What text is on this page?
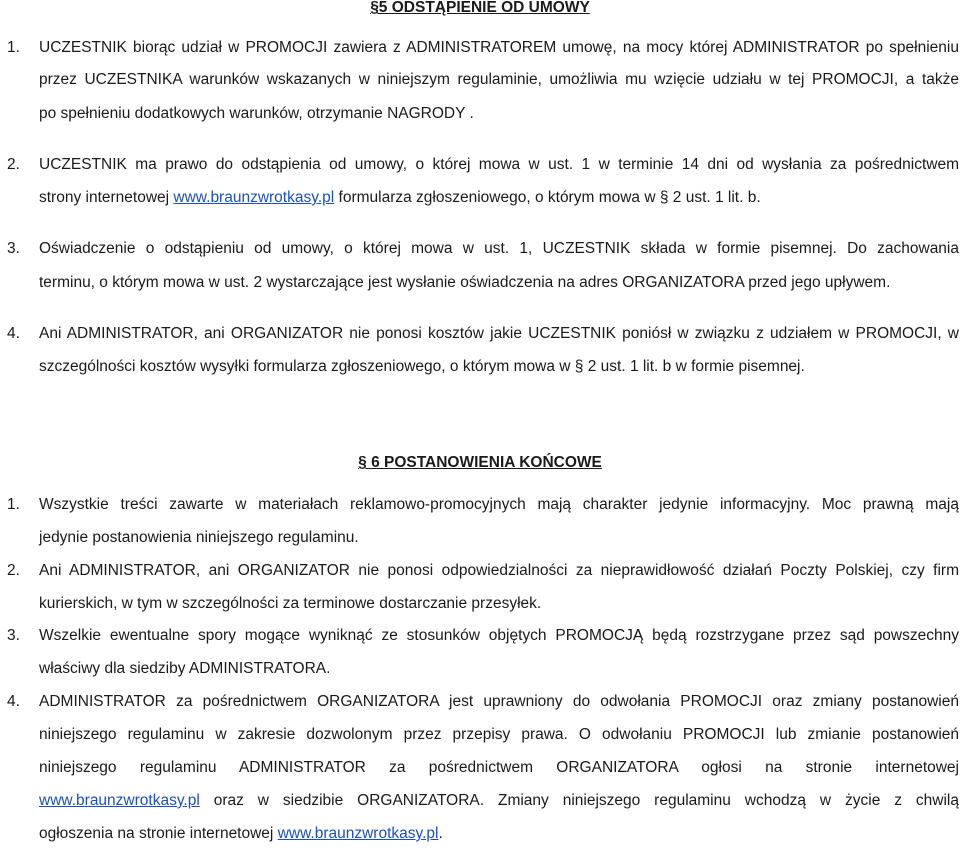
§5 ODSTĄPIENIE OD UMOWY
1. UCZESTNIK biorąc udział w PROMOCJI zawiera z ADMINISTRATOREM umowę, na mocy której ADMINISTRATOR po spełnieniu
przez UCZESTNIKA warunków wskazanych w niniejszym regulaminie, umożliwia mu wzięcie udziału w tej PROMOCJI, a także
po spełnieniu dodatkowych warunków, otrzymanie NAGRODY .
2. UCZESTNIK ma prawo do odstąpienia od umowy, o której mowa w ust. 1 w terminie 14 dni od wysłania za pośrednictwem
strony internetowej www.braunzwrotkasy.pl formularza zgłoszeniowego, o którym mowa w § 2 ust. 1 lit. b.
3. Oświadczenie o odstąpieniu od umowy, o której mowa w ust. 1, UCZESTNIK składa w formie pisemnej. Do zachowania
terminu, o którym mowa w ust. 2 wystarczające jest wysłanie oświadczenia na adres ORGANIZATORA przed jego upływem.
4. Ani ADMINISTRATOR, ani ORGANIZATOR nie ponosi kosztów jakie UCZESTNIK poniósł w związku z udziałem w PROMOCJI, w
szczególności kosztów wysyłki formularza zgłoszeniowego, o którym mowa w § 2 ust. 1 lit. b w formie pisemnej.
§ 6 POSTANOWIENIA KOŃCOWE
1. Wszystkie treści zawarte w materiałach reklamowo-promocyjnych mają charakter jedynie informacyjny. Moc prawną mają
jedynie postanowienia niniejszego regulaminu.
2. Ani ADMINISTRATOR, ani ORGANIZATOR nie ponosi odpowiedzialności za nieprawidłowość działań Poczty Polskiej, czy firm
kurierskich, w tym w szczególności za terminowe dostarczanie przesyłek.
3. Wszelkie ewentualne spory mogące wyniknąć ze stosunków objętych PROMOCJĄ będą rozstrzygane przez sąd powszechny
właściwy dla siedziby ADMINISTRATORA.
4. ADMINISTRATOR za pośrednictwem ORGANIZATORA jest uprawniony do odwołania PROMOCJI oraz zmiany postanowień
niniejszego regulaminu w zakresie dozwolonym przez przepisy prawa. O odwołaniu PROMOCJI lub zmianie postanowień
niniejszego regulaminu ADMINISTRATOR za pośrednictwem ORGANIZATORA ogłosi na stronie internetowej
www.braunzwrotkasy.pl oraz w siedzibie ORGANIZATORA. Zmiany niniejszego regulaminu wchodzą w życie z chwilą
ogłoszenia na stronie internetowej www.braunzwrotkasy.pl.
